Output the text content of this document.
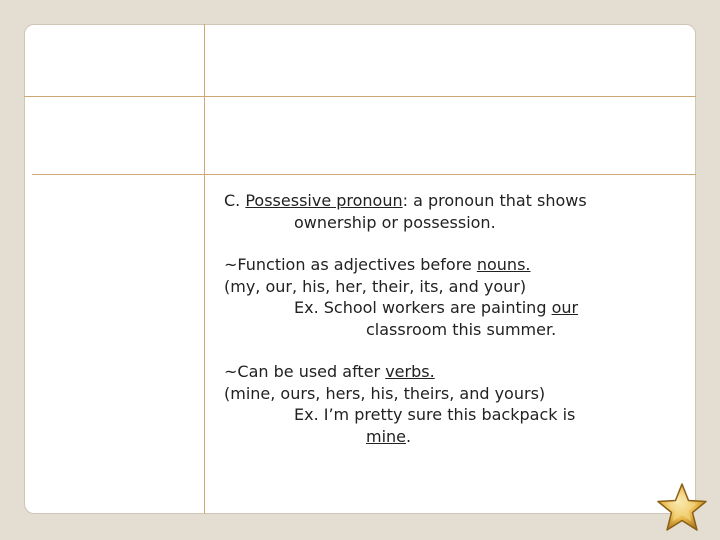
C. Possessive pronoun: a pronoun that shows

ownership or possession.

~Function as adjectives before nouns.

(my, our, his, her, their, its, and your)

Ex. School workers are painting our

classroom this summer.

~Can be used after verbs.

(mine, ours, hers, his, theirs, and yours)

Ex. I’m pretty sure this backpack is

mine.
